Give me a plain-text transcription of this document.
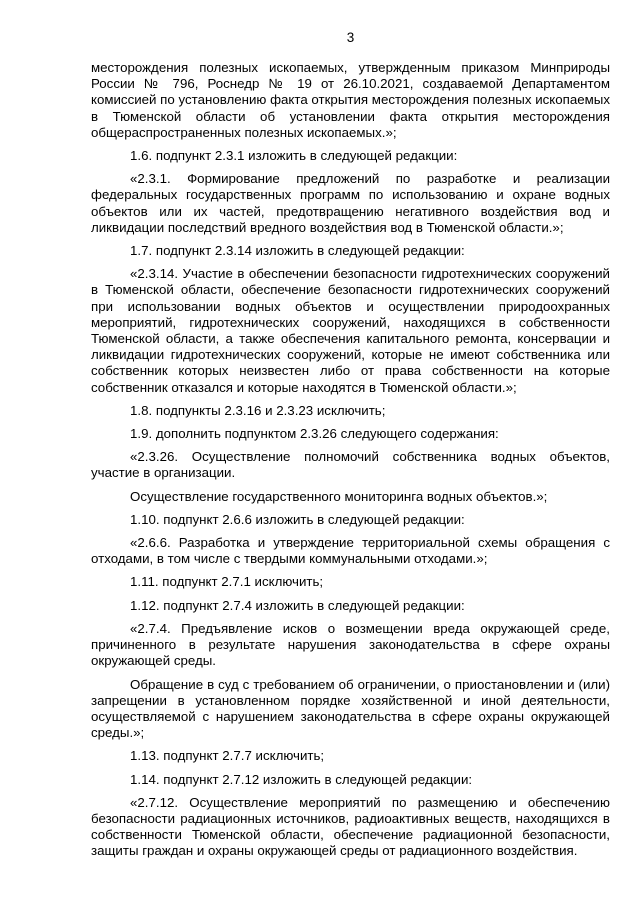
3

месторождения полезных ископаемых, утвержденным приказом Минприроды России № 796, Роснедр № 19 от 26.10.2021, создаваемой Департаментом комиссией по установлению факта открытия месторождения полезных ископаемых в Тюменской области об установлении факта открытия месторождения общераспространенных полезных ископаемых.»;

1.6. подпункт 2.3.1 изложить в следующей редакции:

«2.3.1. Формирование предложений по разработке и реализации федеральных государственных программ по использованию и охране водных объектов или их частей, предотвращению негативного воздействия вод и ликвидации последствий вредного воздействия вод в Тюменской области.»;

1.7. подпункт 2.3.14 изложить в следующей редакции:

«2.3.14. Участие в обеспечении безопасности гидротехнических сооружений в Тюменской области, обеспечение безопасности гидротехнических сооружений при использовании водных объектов и осуществлении природоохранных мероприятий, гидротехнических сооружений, находящихся в собственности Тюменской области, а также обеспечения капитального ремонта, консервации и ликвидации гидротехнических сооружений, которые не имеют собственника или собственник которых неизвестен либо от права собственности на которые собственник отказался и которые находятся в Тюменской области.»;

1.8. подпункты 2.3.16 и 2.3.23 исключить;

1.9. дополнить подпунктом 2.3.26 следующего содержания:

«2.3.26. Осуществление полномочий собственника водных объектов, участие в организации.

Осуществление государственного мониторинга водных объектов.»;

1.10. подпункт 2.6.6 изложить в следующей редакции:

«2.6.6. Разработка и утверждение территориальной схемы обращения с отходами, в том числе с твердыми коммунальными отходами.»;

1.11. подпункт 2.7.1 исключить;

1.12. подпункт 2.7.4 изложить в следующей редакции:

«2.7.4. Предъявление исков о возмещении вреда окружающей среде, причиненного в результате нарушения законодательства в сфере охраны окружающей среды.

Обращение в суд с требованием об ограничении, о приостановлении и (или) запрещении в установленном порядке хозяйственной и иной деятельности, осуществляемой с нарушением законодательства в сфере охраны окружающей среды.»;

1.13. подпункт 2.7.7 исключить;

1.14. подпункт 2.7.12 изложить в следующей редакции:

«2.7.12. Осуществление мероприятий по размещению и обеспечению безопасности радиационных источников, радиоактивных веществ, находящихся в собственности Тюменской области, обеспечение радиационной безопасности, защиты граждан и охраны окружающей среды от радиационного воздействия.
